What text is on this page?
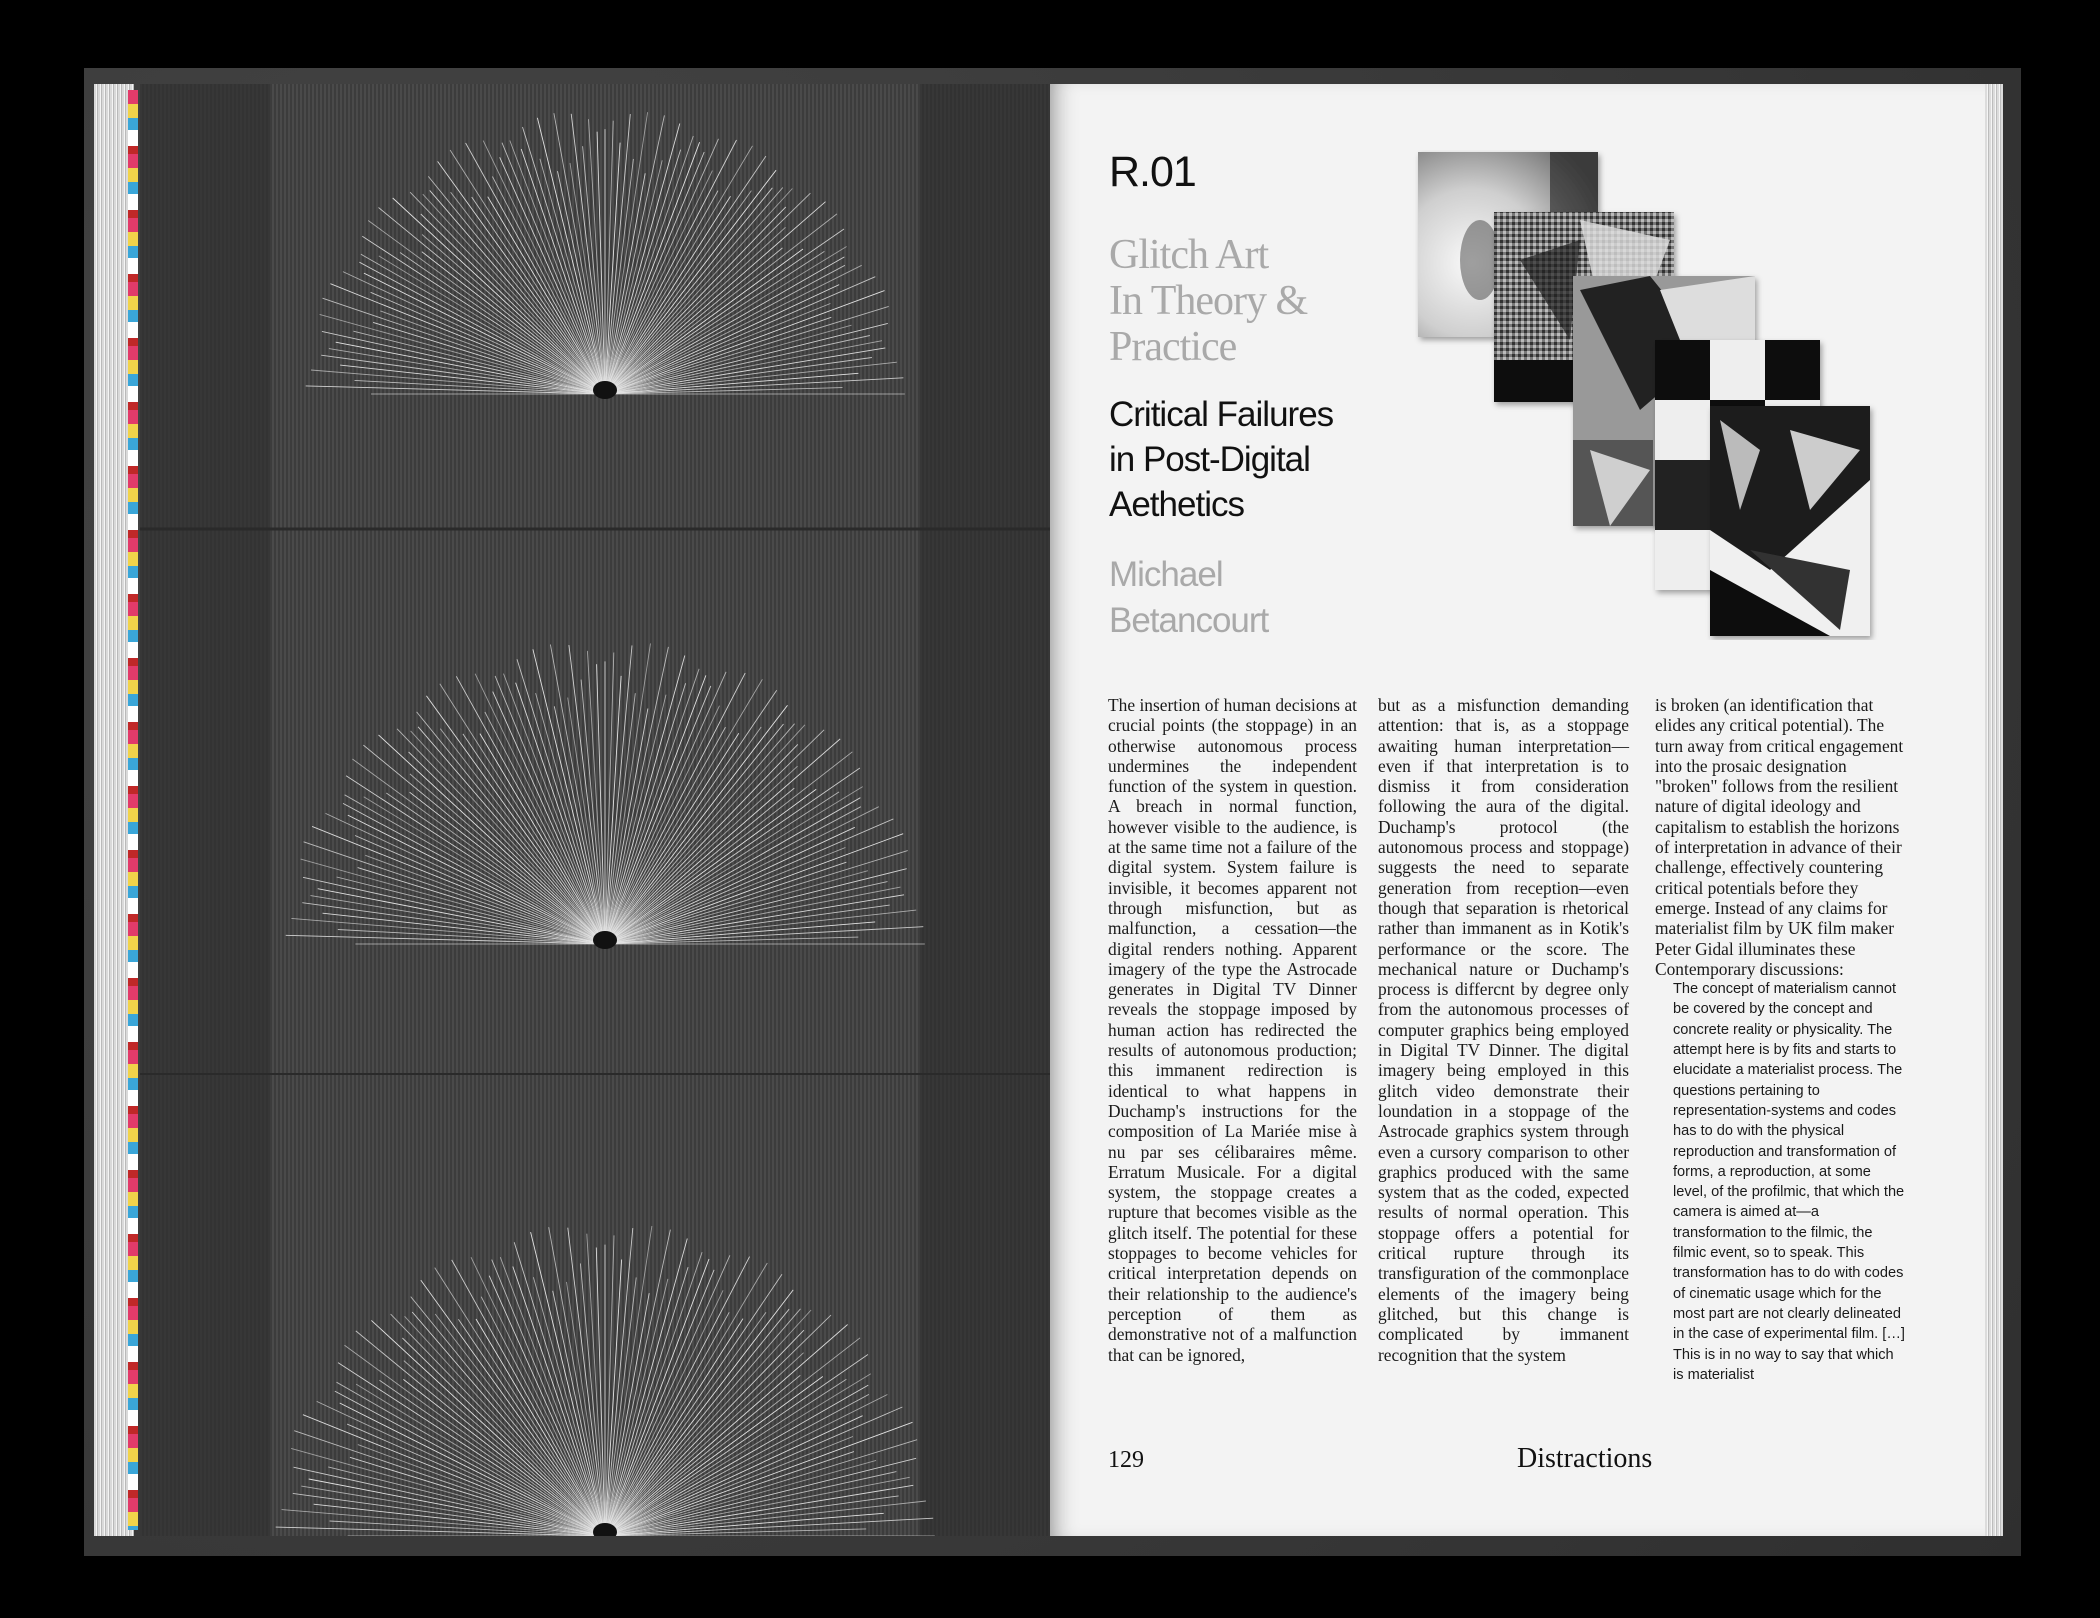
R.01
Glitch Art
In Theory &
Practice
Critical Failures
in Post-Digital
Aethetics
Michael
Betancourt

The insertion of human decisions at crucial points (the stoppage) in an otherwise autonomous process undermines the independent function of the system in question. A breach in normal function, however visible to the audience, is at the same time not a failure of the digital system. System failure is invisible, it becomes apparent not through misfunction, but as malfunction, a cessation—the digital renders nothing. Apparent imagery of the type the Astrocade generates in Digital TV Dinner reveals the stoppage imposed by human action has redirected the results of autonomous production; this immanent redirection is identical to what happens in Duchamp's instructions for the composition of La Mariée mise à nu par ses célibaraires même. Erratum Musicale. For a digital system, the stoppage creates a rupture that becomes visible as the glitch itself. The potential for these stoppages to become vehicles for critical interpretation depends on their relationship to the audience's perception of them as demonstrative not of a malfunction that can be ignored,

but as a misfunction demanding attention: that is, as a stoppage awaiting human interpretation—even if that interpretation is to dismiss it from consideration following the aura of the digital. Duchamp's protocol (the autonomous process and stoppage) suggests the need to separate generation from reception—even though that separation is rhetorical rather than immanent as in Kotik's performance or the score. The mechanical nature or Duchamp's process is differcnt by degree only from the autonomous processes of computer graphics being employed in Digital TV Dinner. The digital imagery being employed in this glitch video demonstrate their loundation in a stoppage of the Astrocade graphics system through even a cursory comparison to other graphics produced with the same system that as the coded, expected results of normal operation. This stoppage offers a potential for critical rupture through its transfiguration of the commonplace elements of the imagery being glitched, but this change is complicated by immanent recognition that the system

is broken (an identification that elides any critical potential). The turn away from critical engagement into the prosaic designation "broken" follows from the resilient nature of digital ideology and capitalism to establish the horizons of interpretation in advance of their challenge, effectively countering critical potentials before they emerge. Instead of any claims for materialist film by UK film maker Peter Gidal illuminates these Contemporary discussions:

The concept of materialism cannot be covered by the concept and concrete reality or physicality. The attempt here is by fits and starts to elucidate a materialist process. The questions pertaining to representation-systems and codes has to do with the physical reproduction and transformation of forms, a reproduction, at some level, of the profilmic, that which the camera is aimed at—a transformation to the filmic, the filmic event, so to speak. This transformation has to do with codes of cinematic usage which for the most part are not clearly delineated in the case of experimental film. […] This is in no way to say that which is materialist
129	Distractions
